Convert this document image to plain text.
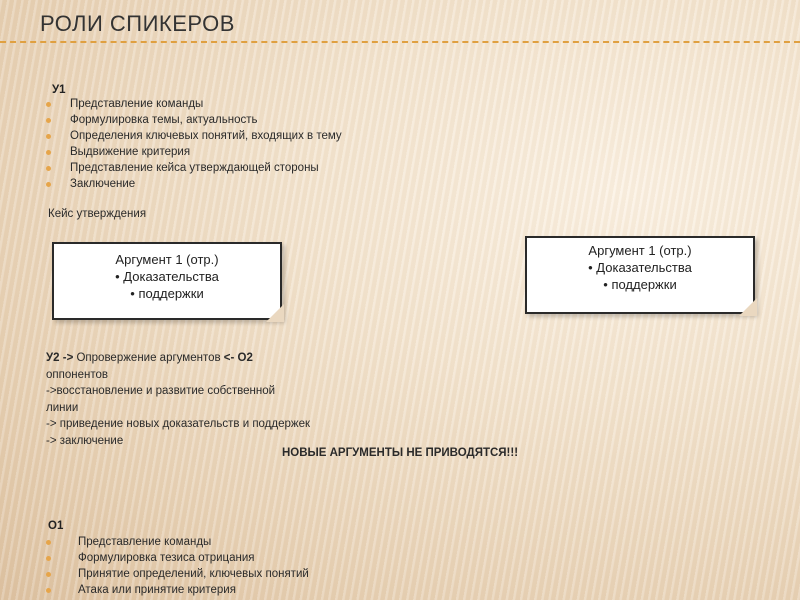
РОЛИ СПИКЕРОВ
У1
Представление команды
Формулировка темы, актуальность
Определения ключевых понятий, входящих в тему
Выдвижение критерия
Представление кейса утверждающей стороны
Заключение
Кейс утверждения
Аргумент 1 (отр.)
• Доказательства
• поддержки
Аргумент 1 (отр.)
• Доказательства
• поддержки
У2 -> Опровержение аргументов <- О2
оппонентов
->восстановление и развитие собственной
линии
-> приведение новых доказательств и поддержек
-> заключение
НОВЫЕ АРГУМЕНТЫ НЕ ПРИВОДЯТСЯ!!!
О1
Представление команды
Формулировка тезиса отрицания
Принятие определений, ключевых понятий
Атака или принятие критерия
